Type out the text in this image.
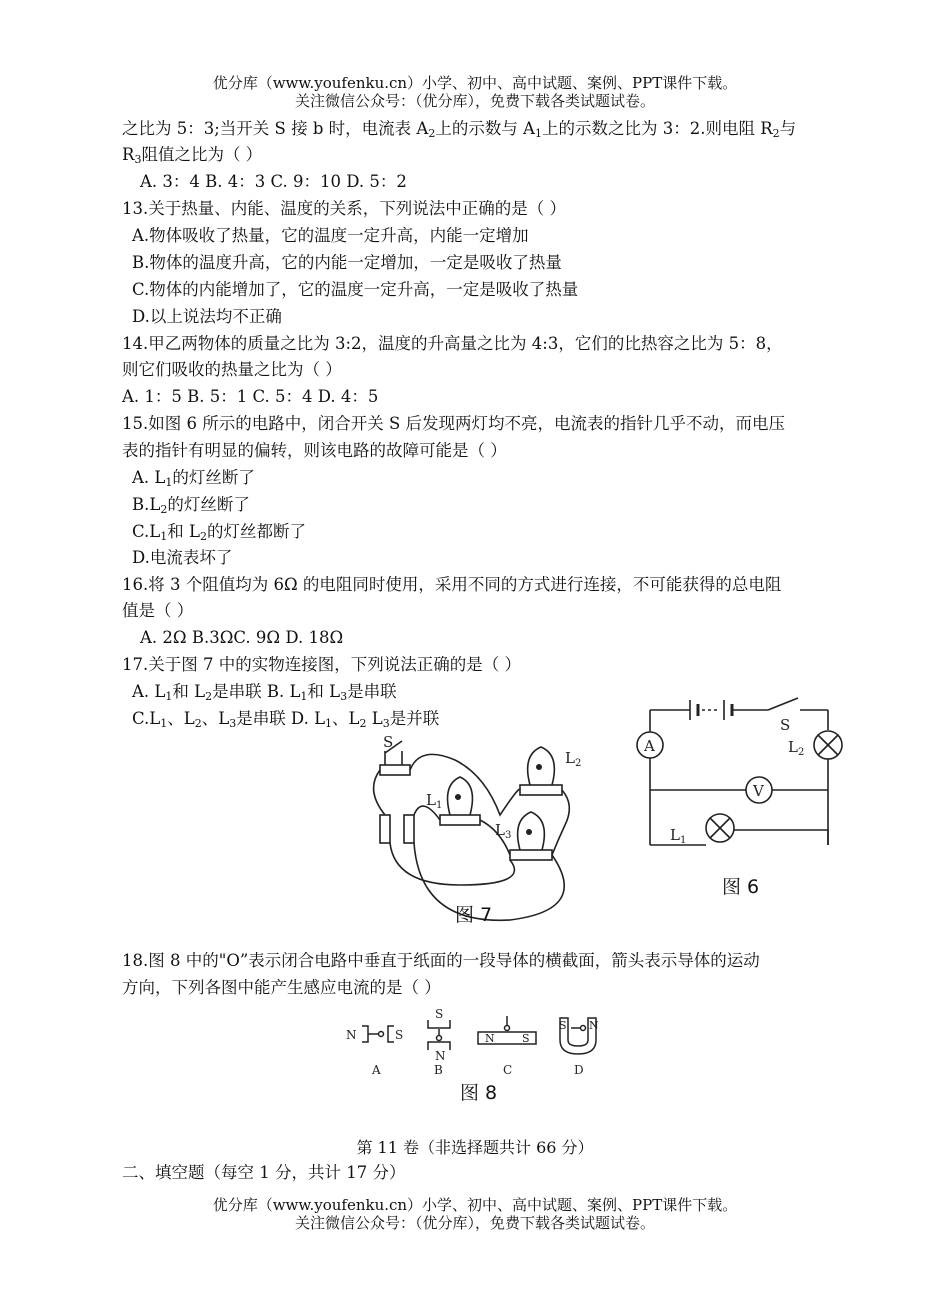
优分库（www.youfenku.cn）小学、初中、高中试题、案例、PPT课件下载。
关注微信公众号：（优分库），免费下载各类试题试卷。
之比为 5：3;当开关 S 接 b 时，电流表 $A_2$上的示数与 $A_1$上的示数之比为 3：2.则电阻 $R_2$与
$R_3$阻值之比为（ ）
A. 3：4 B. 4：3 C. 9：10 D. 5：2
13.关于热量、内能、温度的关系，下列说法中正确的是（ ）
A.物体吸收了热量，它的温度一定升高，内能一定增加
B.物体的温度升高，它的内能一定增加，一定是吸收了热量
C.物体的内能增加了，它的温度一定升高，一定是吸收了热量
D.以上说法均不正确
14.甲乙两物体的质量之比为 3:2，温度的升高量之比为 4:3，它们的比热容之比为 5：8，
则它们吸收的热量之比为（ ）
A. 1：5 B. 5：1 C. 5：4 D. 4：5
15.如图 6 所示的电路中，闭合开关 S 后发现两灯均不亮，电流表的指针几乎不动，而电压
表的指针有明显的偏转，则该电路的故障可能是（ ）
A. $L_1$的灯丝断了
$B.L_2$的灯丝断了
$C.L_1$和 $L_2$的灯丝都断了
D.电流表坏了
16.将 3 个阻值均为 6Ω 的电阻同时使用，采用不同的方式进行连接，不可能获得的总电阻
值是（ ）
A. 2Ω B.3ΩC. 9Ω D. 18Ω
17.关于图 7 中的实物连接图，下列说法正确的是（ ）
A. $L_1$和 $L_2$是串联 B. $L_1$和 $L_3$是串联
$C.L_1$、$L_2$、$L_3$是串联 D. $L_1$、$L_2$ $L_3$是并联
S
$L_1$
$L_2$
$L_3$
图 7
A
V
S
$L_2$
$L_1$
图 6
18.图 8 中的"O”表示闭合电路中垂直于纸面的一段导体的横截面，箭头表示导体的运动
方向，下列各图中能产生感应电流的是（ ）
N	S
S
N
N S
S N
A	B	C	D
图 8
第 11 卷（非选择题共计 66 分）
二、填空题（每空 1 分，共计 17 分）
优分库（www.youfenku.cn）小学、初中、高中试题、案例、PPT课件下载。
关注微信公众号：（优分库），免费下载各类试题试卷。
